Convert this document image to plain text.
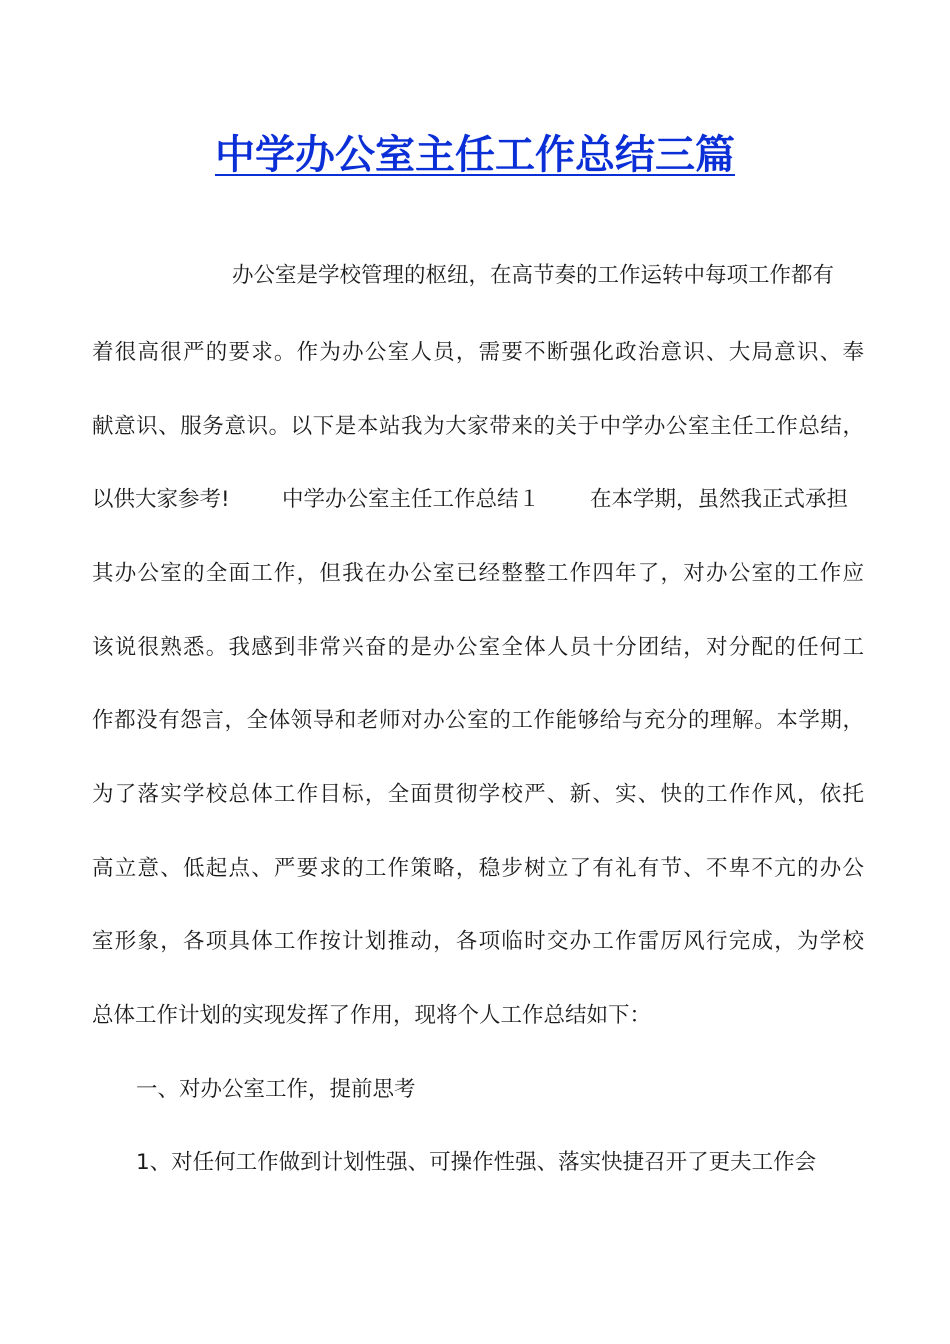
中学办公室主任工作总结三篇
办公室是学校管理的枢纽，在高节奏的工作运转中每项工作都有
着很高很严的要求。作为办公室人员，需要不断强化政治意识、大局意识、奉
献意识、服务意识。以下是本站我为大家带来的关于中学办公室主任工作总结，
以供大家参考!	中学办公室主任工作总结１	在本学期，虽然我正式承担
其办公室的全面工作，但我在办公室已经整整工作四年了，对办公室的工作应
该说很熟悉。我感到非常兴奋的是办公室全体人员十分团结，对分配的任何工
作都没有怨言，全体领导和老师对办公室的工作能够给与充分的理解。本学期，
为了落实学校总体工作目标，全面贯彻学校严、新、实、快的工作作风，依托
高立意、低起点、严要求的工作策略，稳步树立了有礼有节、不卑不亢的办公
室形象，各项具体工作按计划推动，各项临时交办工作雷厉风行完成，为学校
总体工作计划的实现发挥了作用，现将个人工作总结如下：
一、对办公室工作，提前思考
1、对任何工作做到计划性强、可操作性强、落实快捷召开了更夫工作会
